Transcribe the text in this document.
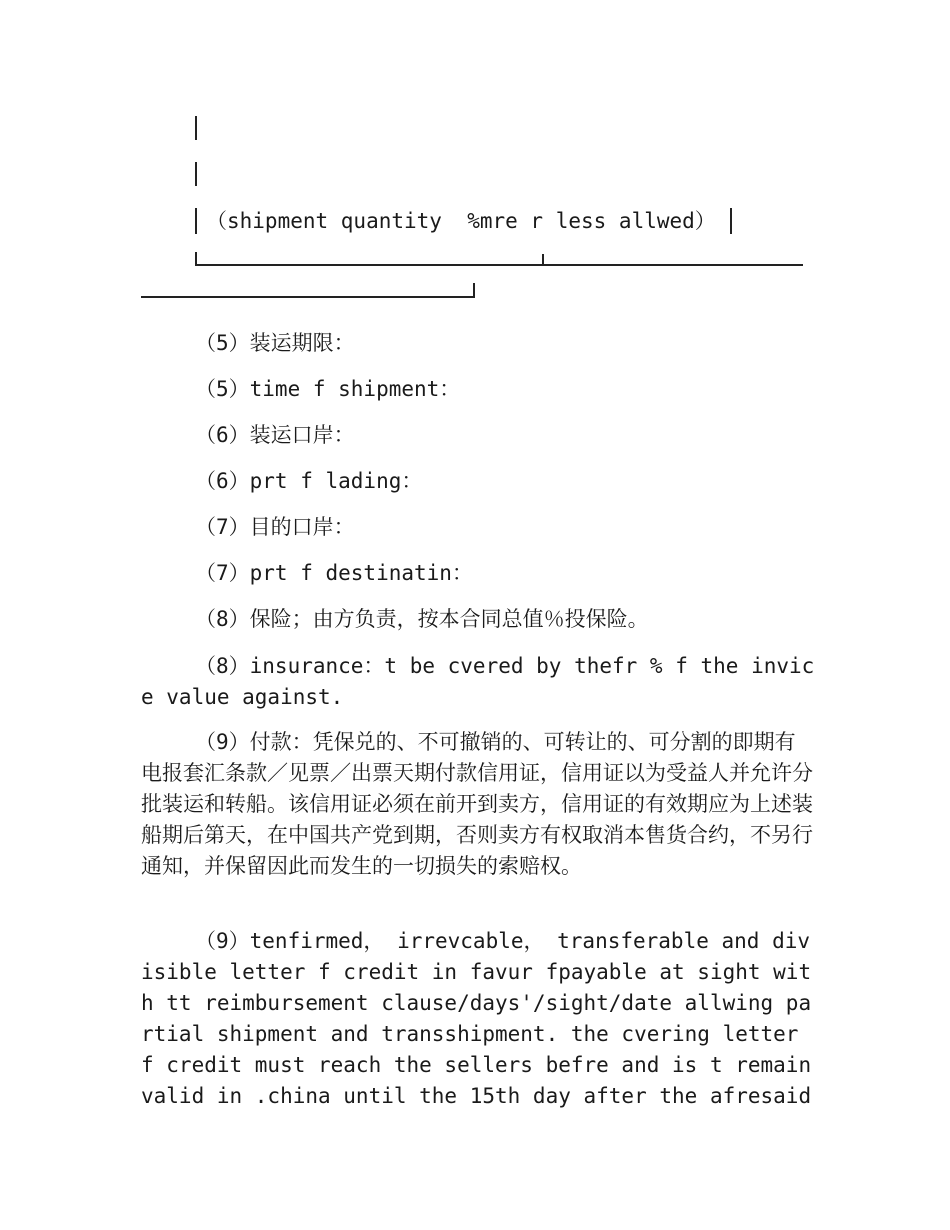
（shipment quantity  %mre r less allwed）
（5）装运期限：
（5）time f shipment：
（6）装运口岸：
（6）prt f lading：
（7）目的口岸：
（7）prt f destinatin：
（8）保险；由方负责，按本合同总值％投保险。
（8）insurance：t be cvered by thefr % f the invice value against.
（9）付款：凭保兑的、不可撤销的、可转让的、可分割的即期有电报套汇条款／见票／出票天期付款信用证，信用证以为受益人并允许分批装运和转船。该信用证必须在前开到卖方，信用证的有效期应为上述装船期后第天，在中国共产党到期，否则卖方有权取消本售货合约，不另行通知，并保留因此而发生的一切损失的索赔权。
（9）tenfirmed， irrevcable， transferable and divisible letter f credit in favur fpayable at sight with tt reimbursement clause/days'/sight/date allwing partial shipment and transshipment. the cvering letter f credit must reach the sellers befre and is t remain valid in .china until the 15th day after the afresaid
